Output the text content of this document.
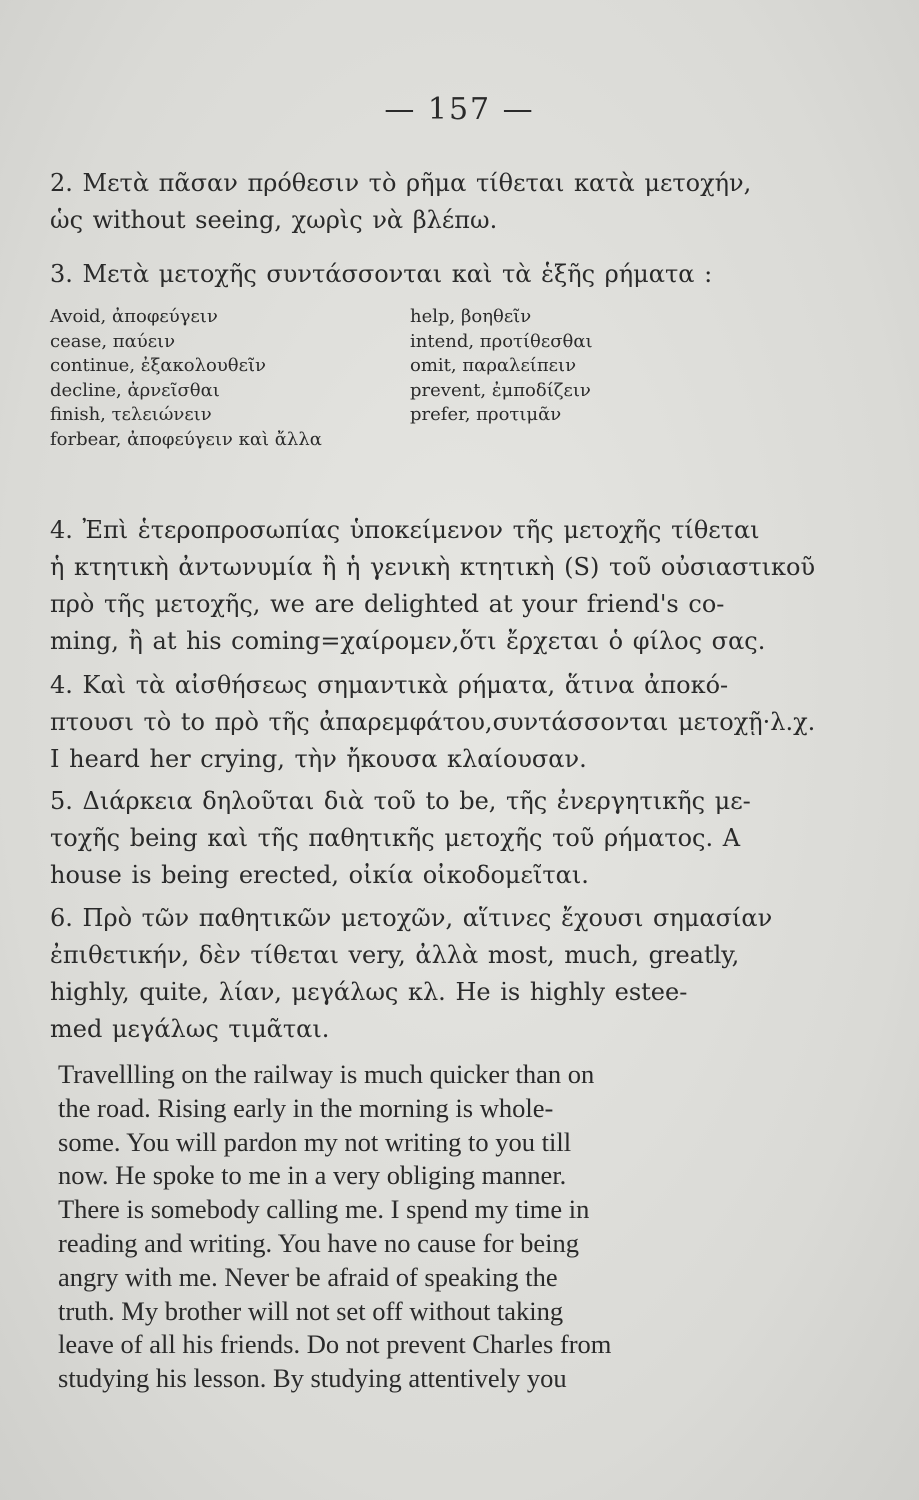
— 157 —
2. Μετὰ πᾶσαν πρόθεσιν τὸ ρῆμα τίθεται κατὰ μετοχήν,
ὡς without seeing, χωρὶς νὰ βλέπω.
3. Μετὰ μετοχῆς συντάσσονται καὶ τὰ ἑξῆς ρήματα :
Avoid, ἀποφεύγειν
cease, παύειν
continue, ἐξακολουθεῖν
decline, ἀρνεῖσθαι
finish, τελειώνειν
forbear, ἀποφεύγειν καὶ ἄλλα
help, βοηθεῖν
intend, προτίθεσθαι
omit, παραλείπειν
prevent, ἐμποδίζειν
prefer, προτιμᾶν
4. Ἐπὶ ἑτεροπροσωπίας ὑποκείμενον τῆς μετοχῆς τίθεται
ἡ κτητικὴ ἀντωνυμία ἢ ἡ γενικὴ κτητικὴ (S) τοῦ οὐσιαστικοῦ
πρὸ τῆς μετοχῆς, we are delighted at your friend's co-
ming, ἢ at his coming=χαίρομεν,ὅτι ἔρχεται ὁ φίλος σας.
4. Καὶ τὰ αἰσθήσεως σημαντικὰ ρήματα, ἅτινα ἀποκό-
πτουσι τὸ to πρὸ τῆς ἀπαρεμφάτου,συντάσσονται μετοχῇ·λ.χ.
I heard her crying, τὴν ἤκουσα κλαίουσαν.
5. Διάρκεια δηλοῦται διὰ τοῦ to be, τῆς ἐνεργητικῆς με-
τοχῆς being καὶ τῆς παθητικῆς μετοχῆς τοῦ ρήματος. A
house is being erected, οἰκία οἰκοδομεῖται.
6. Πρὸ τῶν παθητικῶν μετοχῶν, αἵτινες ἔχουσι σημασίαν
ἐπιθετικήν, δὲν τίθεται very, ἀλλὰ most, much, greatly,
highly, quite, λίαν, μεγάλως κλ. He is highly estee-
med μεγάλως τιμᾶται.
Travellling on the railway is much quicker than on
the road. Rising early in the morning is whole-
some. You will pardon my not writing to you till
now. He spoke to me in a very obliging manner.
There is somebody calling me. I spend my time in
reading and writing. You have no cause for being
angry with me. Never be afraid of speaking the
truth. My brother will not set off without taking
leave of all his friends. Do not prevent Charles from
studying his lesson. By studying attentively you
